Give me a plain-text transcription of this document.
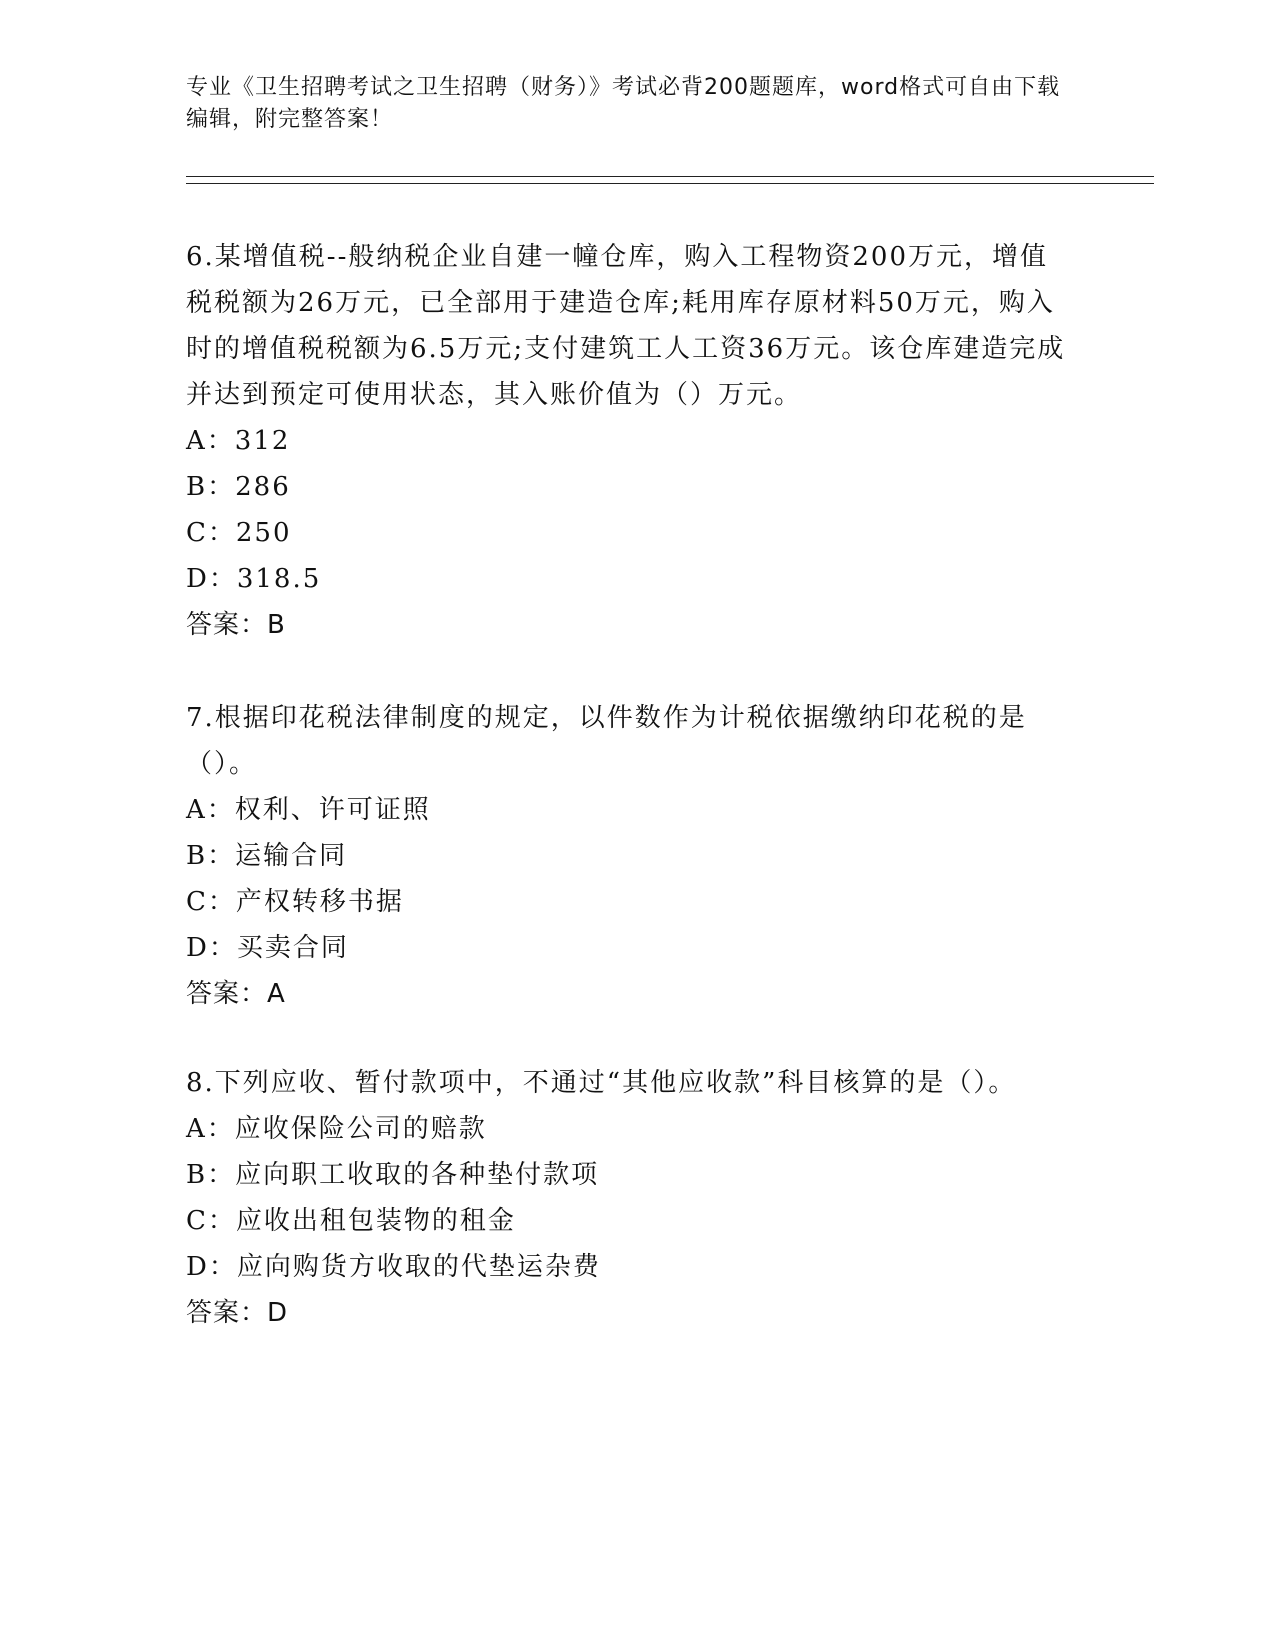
专业《卫生招聘考试之卫生招聘（财务）》考试必背200题题库，word格式可自由下载编辑，附完整答案！
6.某增值税--般纳税企业自建一幢仓库，购入工程物资200万元，增值税税额为26万元，已全部用于建造仓库;耗用库存原材料50万元，购入时的增值税税额为6.5万元;支付建筑工人工资36万元。该仓库建造完成并达到预定可使用状态，其入账价值为（）万元。
A：312
B：286
C：250
D：318.5
答案：B
7.根据印花税法律制度的规定，以件数作为计税依据缴纳印花税的是（）。
A：权利、许可证照
B：运输合同
C：产权转移书据
D：买卖合同
答案：A
8.下列应收、暂付款项中，不通过“其他应收款”科目核算的是（）。
A：应收保险公司的赔款
B：应向职工收取的各种垫付款项
C：应收出租包装物的租金
D：应向购货方收取的代垫运杂费
答案：D
